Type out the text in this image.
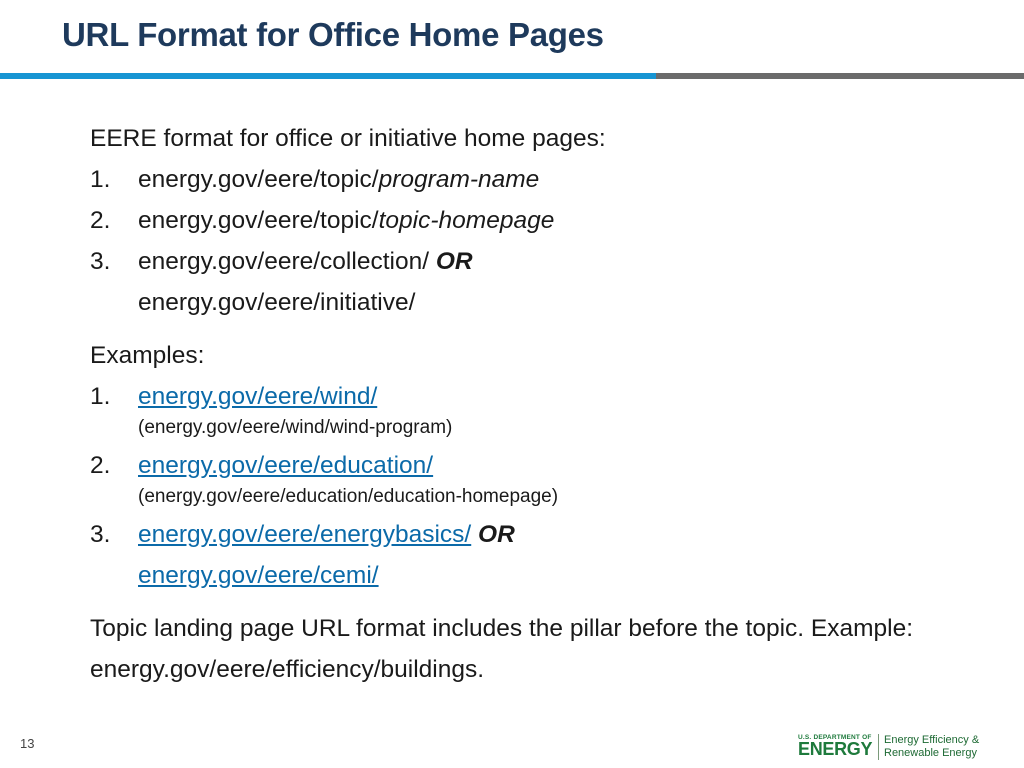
URL Format for Office Home Pages
EERE format for office or initiative home pages:
1. energy.gov/eere/topic/program-name
2. energy.gov/eere/topic/topic-homepage
3. energy.gov/eere/collection/ OR
energy.gov/eere/initiative/
Examples:
1. energy.gov/eere/wind/
(energy.gov/eere/wind/wind-program)
2. energy.gov/eere/education/
(energy.gov/eere/education/education-homepage)
3. energy.gov/eere/energybasics/ OR
energy.gov/eere/cemi/
Topic landing page URL format includes the pillar before the topic. Example: energy.gov/eere/efficiency/buildings.
13	U.S. DEPARTMENT OF
ENERGY Energy Efficiency &
Renewable Energy
